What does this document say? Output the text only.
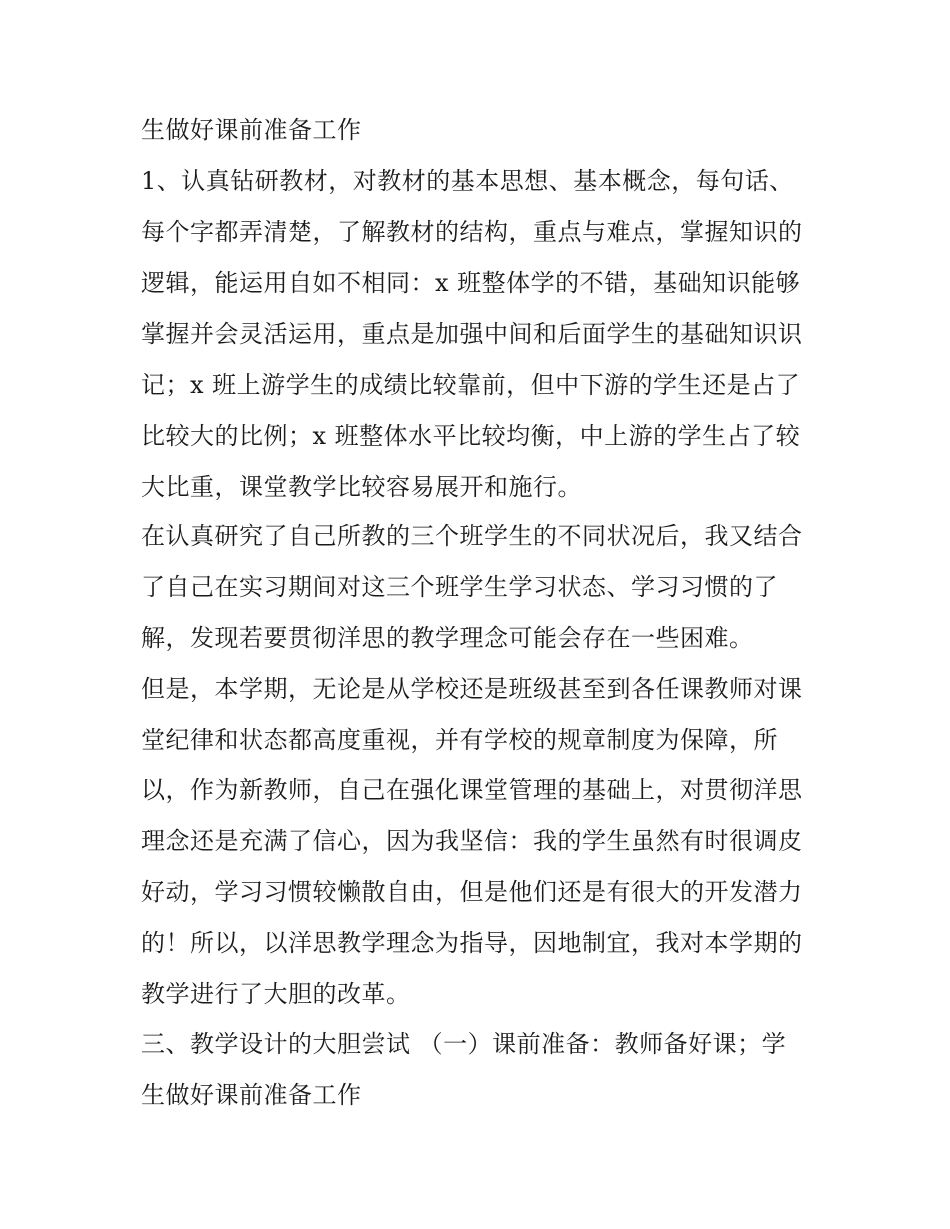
生做好课前准备工作

1、认真钻研教材，对教材的基本思想、基本概念，每句话、

每个字都弄清楚，了解教材的结构，重点与难点，掌握知识的

逻辑，能运用自如不相同：x 班整体学的不错，基础知识能够

掌握并会灵活运用，重点是加强中间和后面学生的基础知识识

记；x 班上游学生的成绩比较靠前，但中下游的学生还是占了

比较大的比例；x 班整体水平比较均衡，中上游的学生占了较

大比重，课堂教学比较容易展开和施行。

在认真研究了自己所教的三个班学生的不同状况后，我又结合

了自己在实习期间对这三个班学生学习状态、学习习惯的了

解，发现若要贯彻洋思的教学理念可能会存在一些困难。

但是，本学期，无论是从学校还是班级甚至到各任课教师对课

堂纪律和状态都高度重视，并有学校的规章制度为保障，所

以，作为新教师，自己在强化课堂管理的基础上，对贯彻洋思

理念还是充满了信心，因为我坚信：我的学生虽然有时很调皮

好动，学习习惯较懒散自由，但是他们还是有很大的开发潜力

的！所以，以洋思教学理念为指导，因地制宜，我对本学期的

教学进行了大胆的改革。

三、教学设计的大胆尝试 （一）课前准备：教师备好课；学

生做好课前准备工作
